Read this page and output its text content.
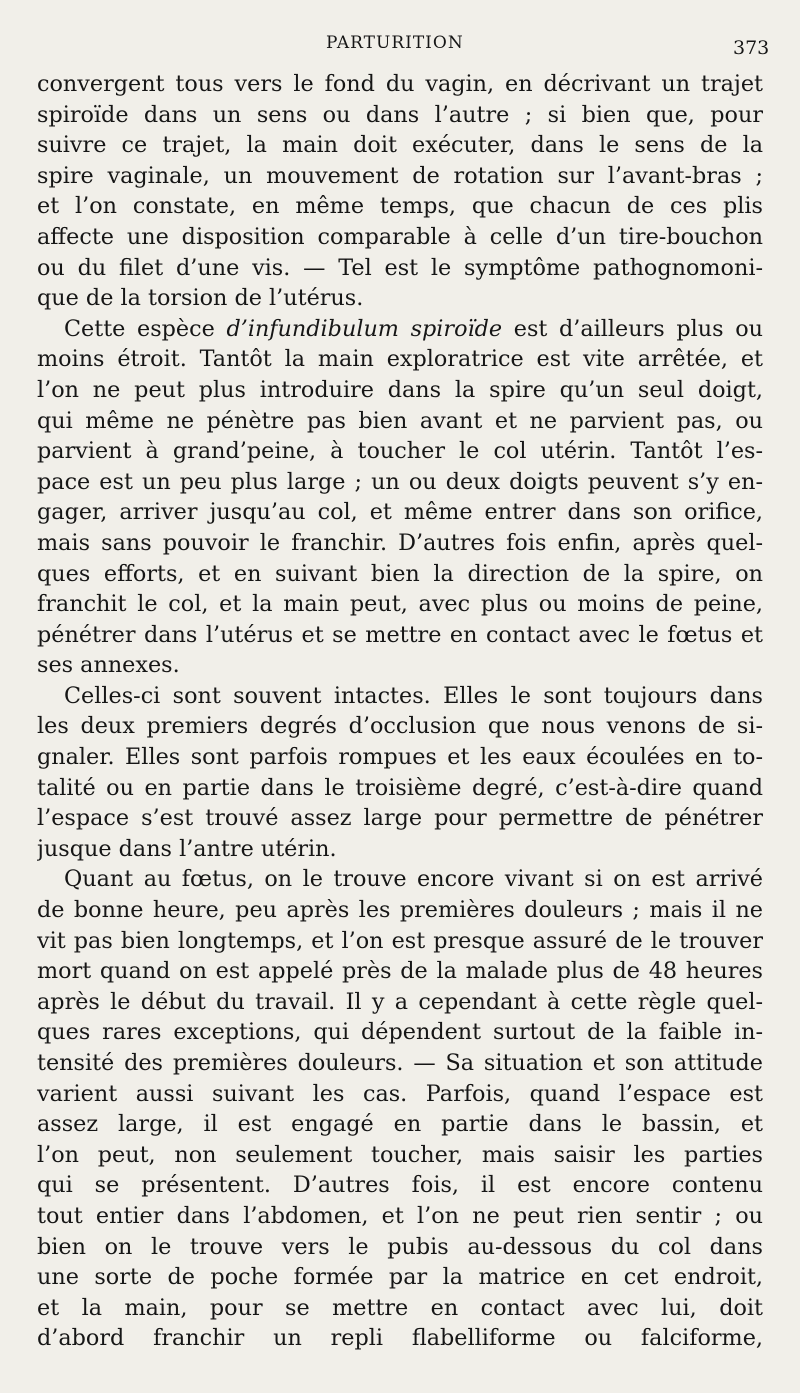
PARTURITION	373
convergent tous vers le fond du vagin, en décrivant un trajet
spiroïde dans un sens ou dans l’autre ; si bien que, pour
suivre ce trajet, la main doit exécuter, dans le sens de la
spire vaginale, un mouvement de rotation sur l’avant-bras ;
et l’on constate, en même temps, que chacun de ces plis
affecte une disposition comparable à celle d’un tire-bouchon
ou du filet d’une vis. — Tel est le symptôme pathognomoni-
que de la torsion de l’utérus.
Cette espèce d’infundibulum spiroïde est d’ailleurs plus ou
moins étroit. Tantôt la main exploratrice est vite arrêtée, et
l’on ne peut plus introduire dans la spire qu’un seul doigt,
qui même ne pénètre pas bien avant et ne parvient pas, ou
parvient à grand’peine, à toucher le col utérin. Tantôt l’es-
pace est un peu plus large ; un ou deux doigts peuvent s’y en-
gager, arriver jusqu’au col, et même entrer dans son orifice,
mais sans pouvoir le franchir. D’autres fois enfin, après quel-
ques efforts, et en suivant bien la direction de la spire, on
franchit le col, et la main peut, avec plus ou moins de peine,
pénétrer dans l’utérus et se mettre en contact avec le fœtus et
ses annexes.
Celles-ci sont souvent intactes. Elles le sont toujours dans
les deux premiers degrés d’occlusion que nous venons de si-
gnaler. Elles sont parfois rompues et les eaux écoulées en to-
talité ou en partie dans le troisième degré, c’est-à-dire quand
l’espace s’est trouvé assez large pour permettre de pénétrer
jusque dans l’antre utérin.
Quant au fœtus, on le trouve encore vivant si on est arrivé
de bonne heure, peu après les premières douleurs ; mais il ne
vit pas bien longtemps, et l’on est presque assuré de le trouver
mort quand on est appelé près de la malade plus de 48 heures
après le début du travail. Il y a cependant à cette règle quel-
ques rares exceptions, qui dépendent surtout de la faible in-
tensité des premières douleurs. — Sa situation et son attitude
varient aussi suivant les cas. Parfois, quand l’espace est
assez large, il est engagé en partie dans le bassin, et
l’on peut, non seulement toucher, mais saisir les parties
qui se présentent. D’autres fois, il est encore contenu
tout entier dans l’abdomen, et l’on ne peut rien sentir ; ou
bien on le trouve vers le pubis au-dessous du col dans
une sorte de poche formée par la matrice en cet endroit,
et la main, pour se mettre en contact avec lui, doit
d’abord franchir un repli flabelliforme ou falciforme,
